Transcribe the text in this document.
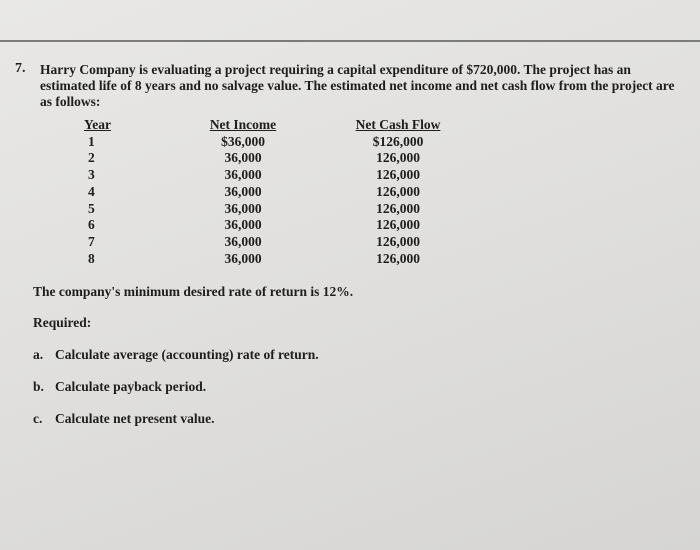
7. Harry Company is evaluating a project requiring a capital expenditure of $720,000. The project has an estimated life of 8 years and no salvage value. The estimated net income and net cash flow from the project are as follows:
Year
1
2
3
4
5
6
7
8
Net Income
$36,000
36,000
36,000
36,000
36,000
36,000
36,000
36,000
Net Cash Flow
$126,000
126,000
126,000
126,000
126,000
126,000
126,000
126,000
The company's minimum desired rate of return is 12%.
Required:
a. Calculate average (accounting) rate of return.
b. Calculate payback period.
c. Calculate net present value.
